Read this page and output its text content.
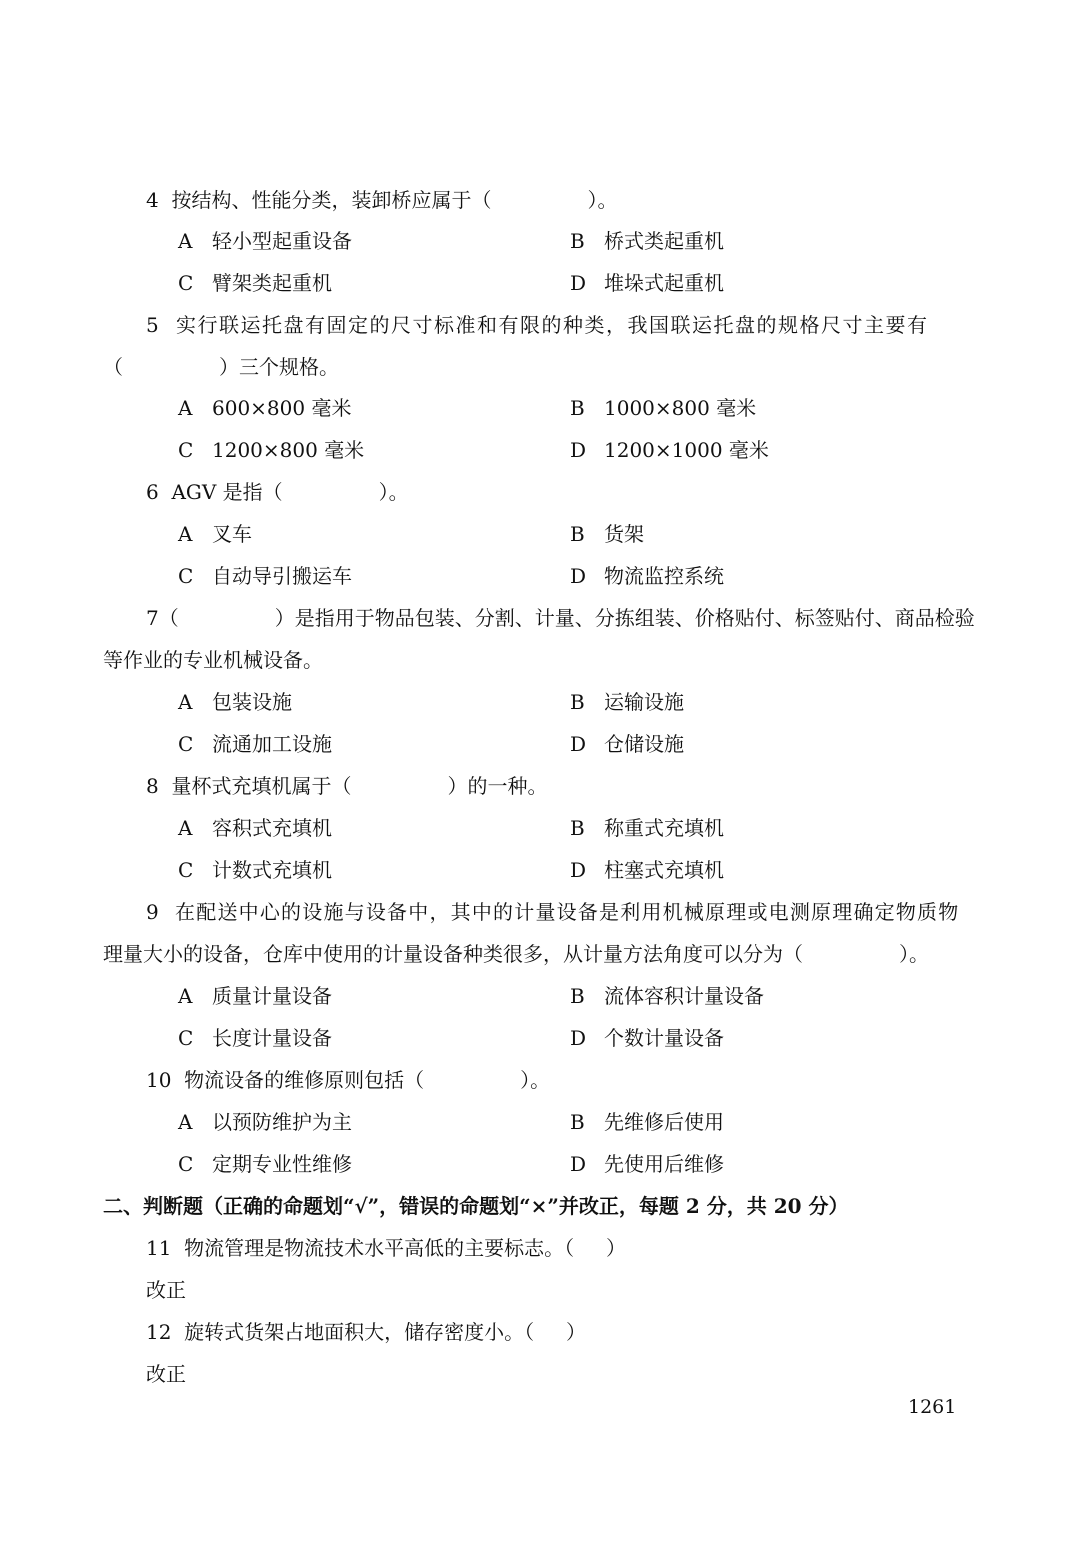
4  按结构、性能分类，装卸桥应属于（	）。
A 轻小型起重设备	B 桥式类起重机
C 臂架类起重机	D 堆垛式起重机
5  实行联运托盘有固定的尺寸标准和有限的种类，我国联运托盘的规格尺寸主要有
（	）三个规格。
A 600×800 毫米	B 1000×800 毫米
C 1200×800 毫米	D 1200×1000 毫米
6  AGV 是指（	）。
A 叉车	B 货架
C 自动导引搬运车	D 物流监控系统
7（	）是指用于物品包装、分割、计量、分拣组装、价格贴付、标签贴付、商品检验
等作业的专业机械设备。
A 包装设施	B 运输设施
C 流通加工设施	D 仓储设施
8  量杯式充填机属于（	）的一种。
A 容积式充填机	B 称重式充填机
C 计数式充填机	D 柱塞式充填机
9  在配送中心的设施与设备中，其中的计量设备是利用机械原理或电测原理确定物质物
理量大小的设备，仓库中使用的计量设备种类很多，从计量方法角度可以分为（	）。
A 质量计量设备	B 流体容积计量设备
C 长度计量设备	D 个数计量设备
10  物流设备的维修原则包括（	）。
A 以预防维护为主	B 先维修后使用
C 定期专业性维修	D 先使用后维修
二、判断题（正确的命题划“√”，错误的命题划“×”并改正，每题 2 分，共 20 分）
11  物流管理是物流技术水平高低的主要标志。（     ）
改正
12  旋转式货架占地面积大，储存密度小。（     ）
改正
1261
